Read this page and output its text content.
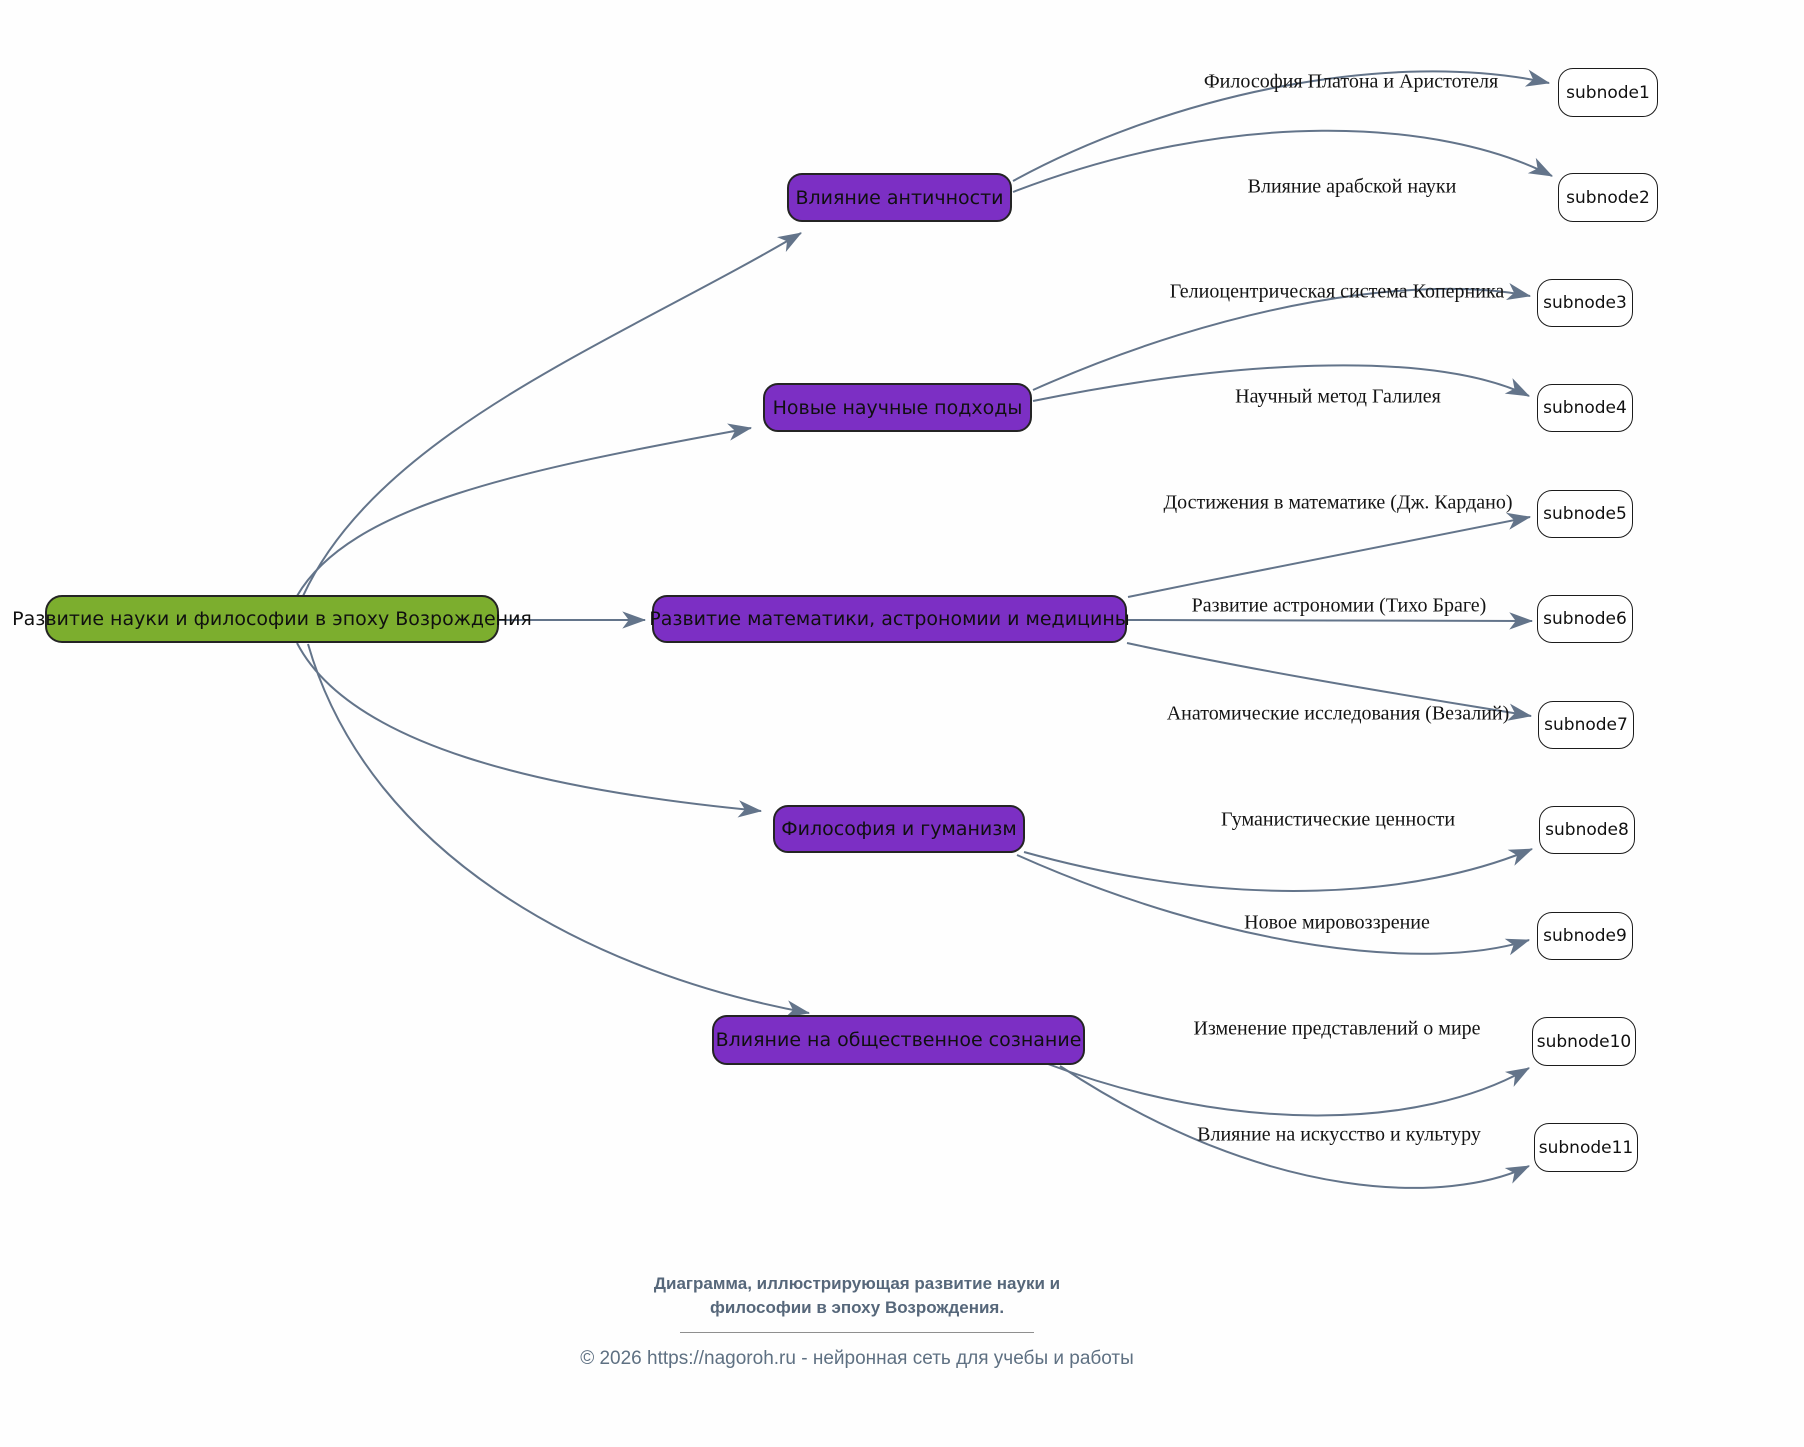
Развитие науки и философии в эпоху Возрождения
Влияние античности
Новые научные подходы
Развитие математики, астрономии и медицины
Философия и гуманизм
Влияние на общественное сознание
subnode1
subnode2
subnode3
subnode4
subnode5
subnode6
subnode7
subnode8
subnode9
subnode10
subnode11
Философия Платона и Аристотеля
Влияние арабской науки
Гелиоцентрическая система Коперника
Научный метод Галилея
Достижения в математике (Дж. Кардано)
Развитие астрономии (Тихо Браге)
Анатомические исследования (Везалий)
Гуманистические ценности
Новое мировоззрение
Изменение представлений о мире
Влияние на искусство и культуру
Диаграмма, иллюстрирующая развитие науки и
философии в эпоху Возрождения.
© 2026 https://nagoroh.ru - нейронная сеть для учебы и работы
